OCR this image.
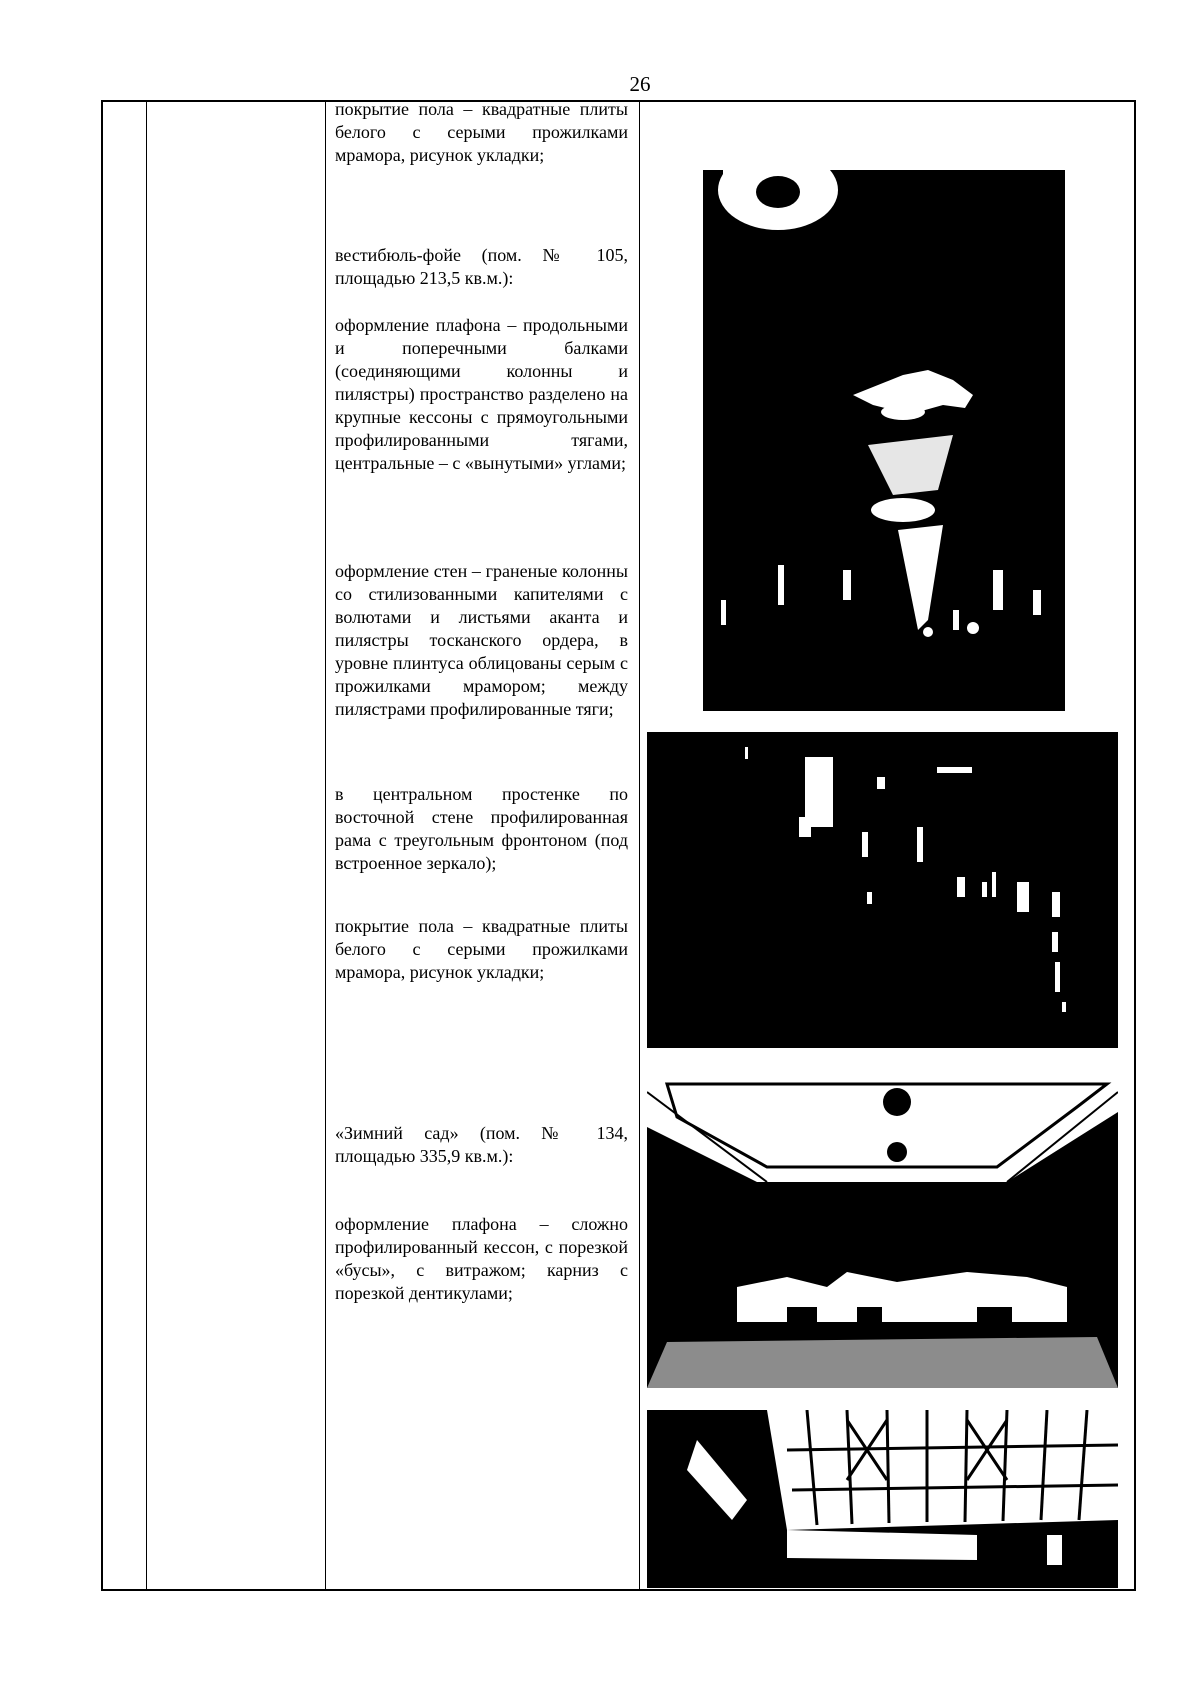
26

покрытие пола – квадратные плиты белого с серыми прожилками мрамора, рисунок укладки;

вестибюль-фойе (пом. № 105, площадью 213,5 кв.м.):

оформление плафона – продольными и поперечными балками (соединяющими колонны и пилястры) пространство разделено на крупные кессоны с прямоугольными профилированными тягами, центральные – с «вынутыми» углами;

оформление стен – граненые колонны со стилизованными капителями с волютами и листьями аканта и пилястры тосканского ордера, в уровне плинтуса облицованы серым с прожилками мрамором; между пилястрами профилированные тяги;

в центральном простенке по восточной стене профилированная рама с треугольным фронтоном (под встроенное зеркало);

покрытие пола – квадратные плиты белого с серыми прожилками мрамора, рисунок укладки;

«Зимний сад» (пом. № 134, площадью 335,9 кв.м.):

оформление плафона – сложно профилированный кессон, с порезкой «бусы», с витражом; карниз с порезкой дентикулами;
